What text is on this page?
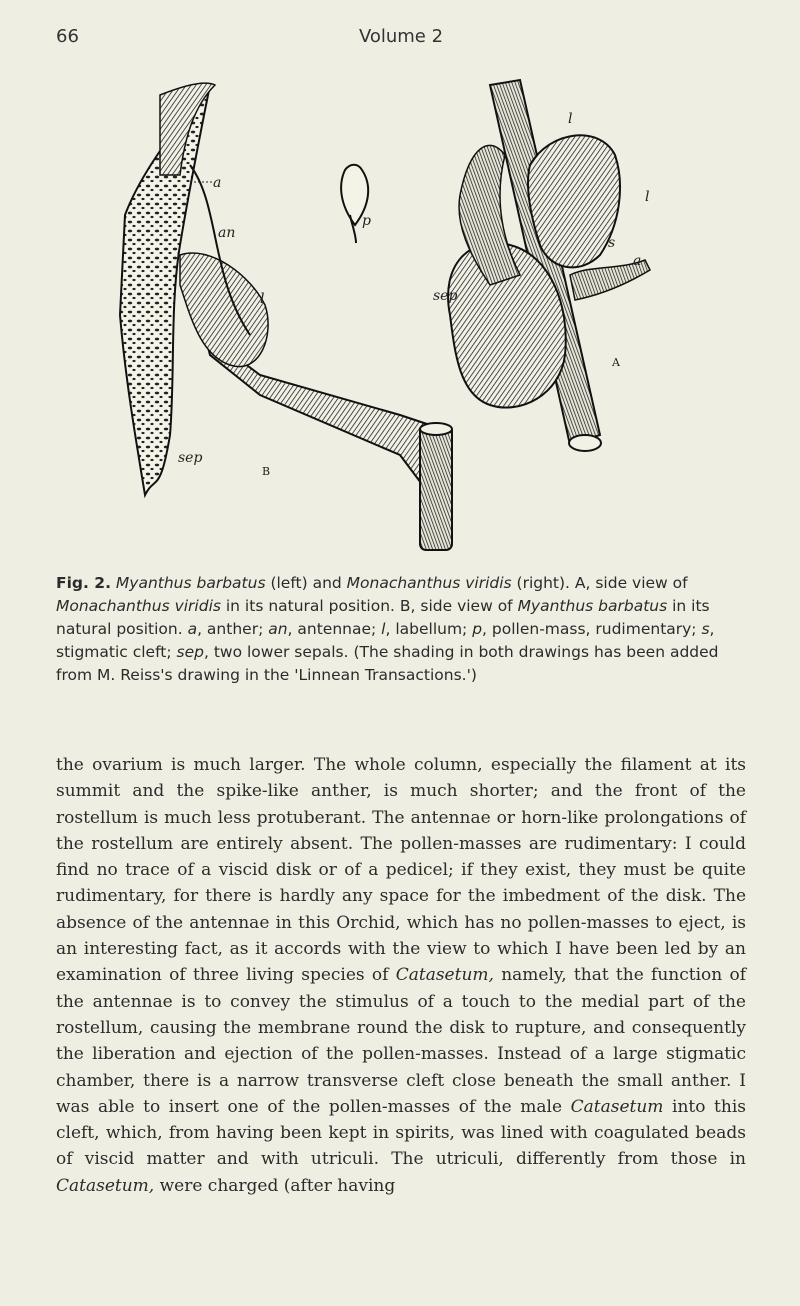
66	Volume 2
a
an
l
p
sep
B
l
l
s
a
sep
A
Fig. 2. Myanthus barbatus (left) and Monachanthus viridis (right). A, side view of Monachanthus viridis in its natural position. B, side view of Myanthus barbatus in its natural position. a, anther; an, antennae; l, labellum; p, pollen-mass, rudimentary; s, stigmatic cleft; sep, two lower sepals. (The shading in both drawings has been added from M. Reiss's drawing in the 'Linnean Transactions.')
the ovarium is much larger. The whole column, especially the filament at its summit and the spike-like anther, is much shorter; and the front of the rostellum is much less protuberant. The antennae or horn-like prolongations of the rostellum are entirely absent. The pollen-masses are rudimentary: I could find no trace of a viscid disk or of a pedicel; if they exist, they must be quite rudimentary, for there is hardly any space for the imbedment of the disk. The absence of the antennae in this Orchid, which has no pollen-masses to eject, is an interesting fact, as it accords with the view to which I have been led by an examination of three living species of Catasetum, namely, that the function of the antennae is to convey the stimulus of a touch to the medial part of the rostellum, causing the membrane round the disk to rupture, and consequently the liberation and ejection of the pollen-masses. Instead of a large stigmatic chamber, there is a narrow transverse cleft close beneath the small anther. I was able to insert one of the pollen-masses of the male Catasetum into this cleft, which, from having been kept in spirits, was lined with coagulated beads of viscid matter and with utriculi. The utriculi, differently from those in Catasetum, were charged (after having
